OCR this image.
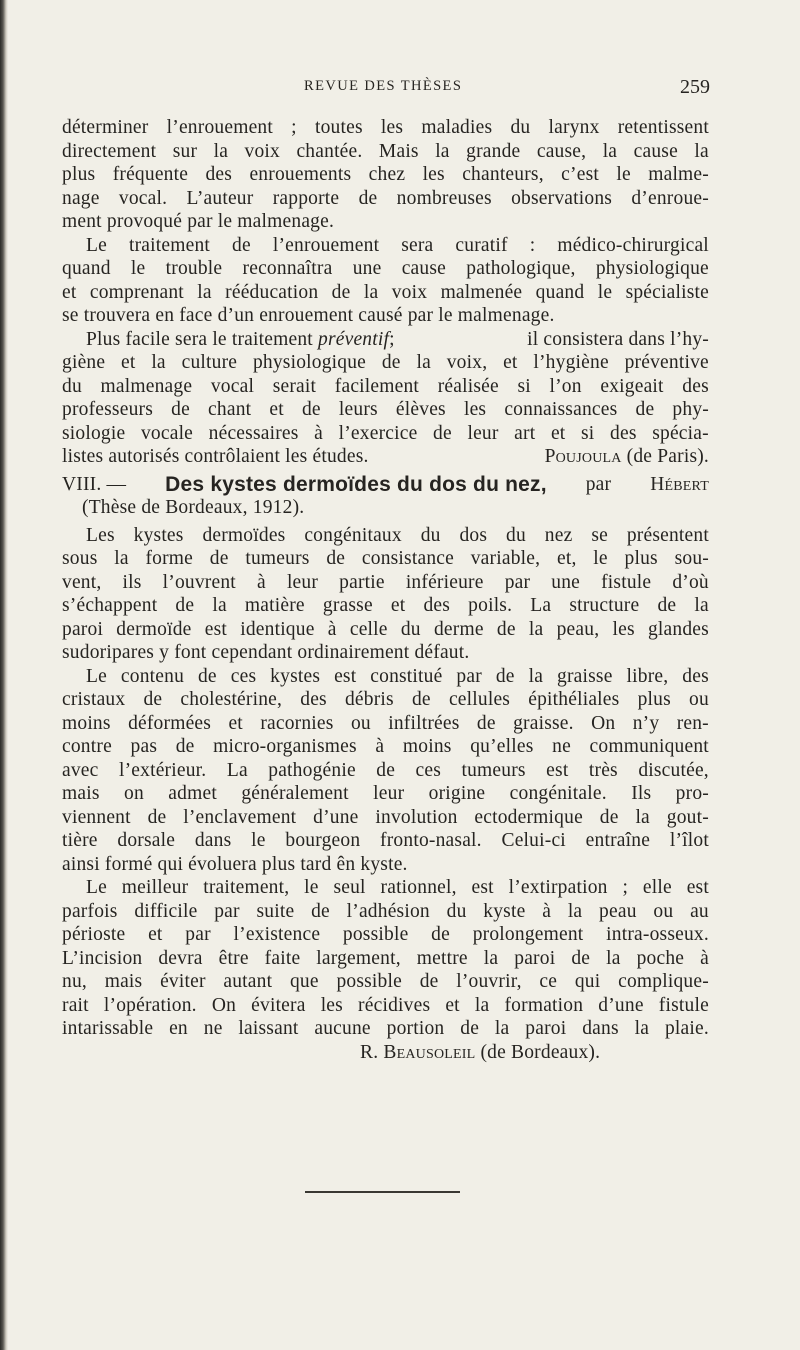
REVUE DES THÈSES	259
déterminer l’enrouement ; toutes les maladies du larynx retentissent
directement sur la voix chantée. Mais la grande cause, la cause la
plus fréquente des enrouements chez les chanteurs, c’est le malme-
nage vocal. L’auteur rapporte de nombreuses observations d’enroue-
ment provoqué par le malmenage.
Le traitement de l’enrouement sera curatif : médico-chirurgical
quand le trouble reconnaîtra une cause pathologique, physiologique
et comprenant la rééducation de la voix malmenée quand le spécialiste
se trouvera en face d’un enrouement causé par le malmenage.
Plus facile sera le traitement préventif;	il consistera dans l’hy-
giène et la culture physiologique de la voix, et l’hygiène préventive
du malmenage vocal serait facilement réalisée si l’on exigeait des
professeurs de chant et de leurs élèves les connaissances de phy-
siologie vocale nécessaires à l’exercice de leur art et si des spécia-
listes autorisés contrôlaient les études.	Poujoula (de Paris).
VIII. — Des kystes dermoïdes du dos du nez, par Hébert
(Thèse de Bordeaux, 1912).
Les kystes dermoïdes congénitaux du dos du nez se présentent
sous la forme de tumeurs de consistance variable, et, le plus sou-
vent, ils l’ouvrent à leur partie inférieure par une fistule d’où
s’échappent de la matière grasse et des poils. La structure de la
paroi dermoïde est identique à celle du derme de la peau, les glandes
sudoripares y font cependant ordinairement défaut.
Le contenu de ces kystes est constitué par de la graisse libre, des
cristaux de cholestérine, des débris de cellules épithéliales plus ou
moins déformées et racornies ou infiltrées de graisse. On n’y ren-
contre pas de micro-organismes à moins qu’elles ne communiquent
avec l’extérieur. La pathogénie de ces tumeurs est très discutée,
mais on admet généralement leur origine congénitale. Ils pro-
viennent de l’enclavement d’une involution ectodermique de la gout-
tière dorsale dans le bourgeon fronto-nasal. Celui-ci entraîne l’îlot
ainsi formé qui évoluera plus tard ên kyste.
Le meilleur traitement, le seul rationnel, est l’extirpation ; elle est
parfois difficile par suite de l’adhésion du kyste à la peau ou au
périoste et par l’existence possible de prolongement intra-osseux.
L’incision devra être faite largement, mettre la paroi de la poche à
nu, mais éviter autant que possible de l’ouvrir, ce qui complique-
rait l’opération. On évitera les récidives et la formation d’une fistule
intarissable en ne laissant aucune portion de la paroi dans la plaie.
R.
Beausoleil
(de Bordeaux).
